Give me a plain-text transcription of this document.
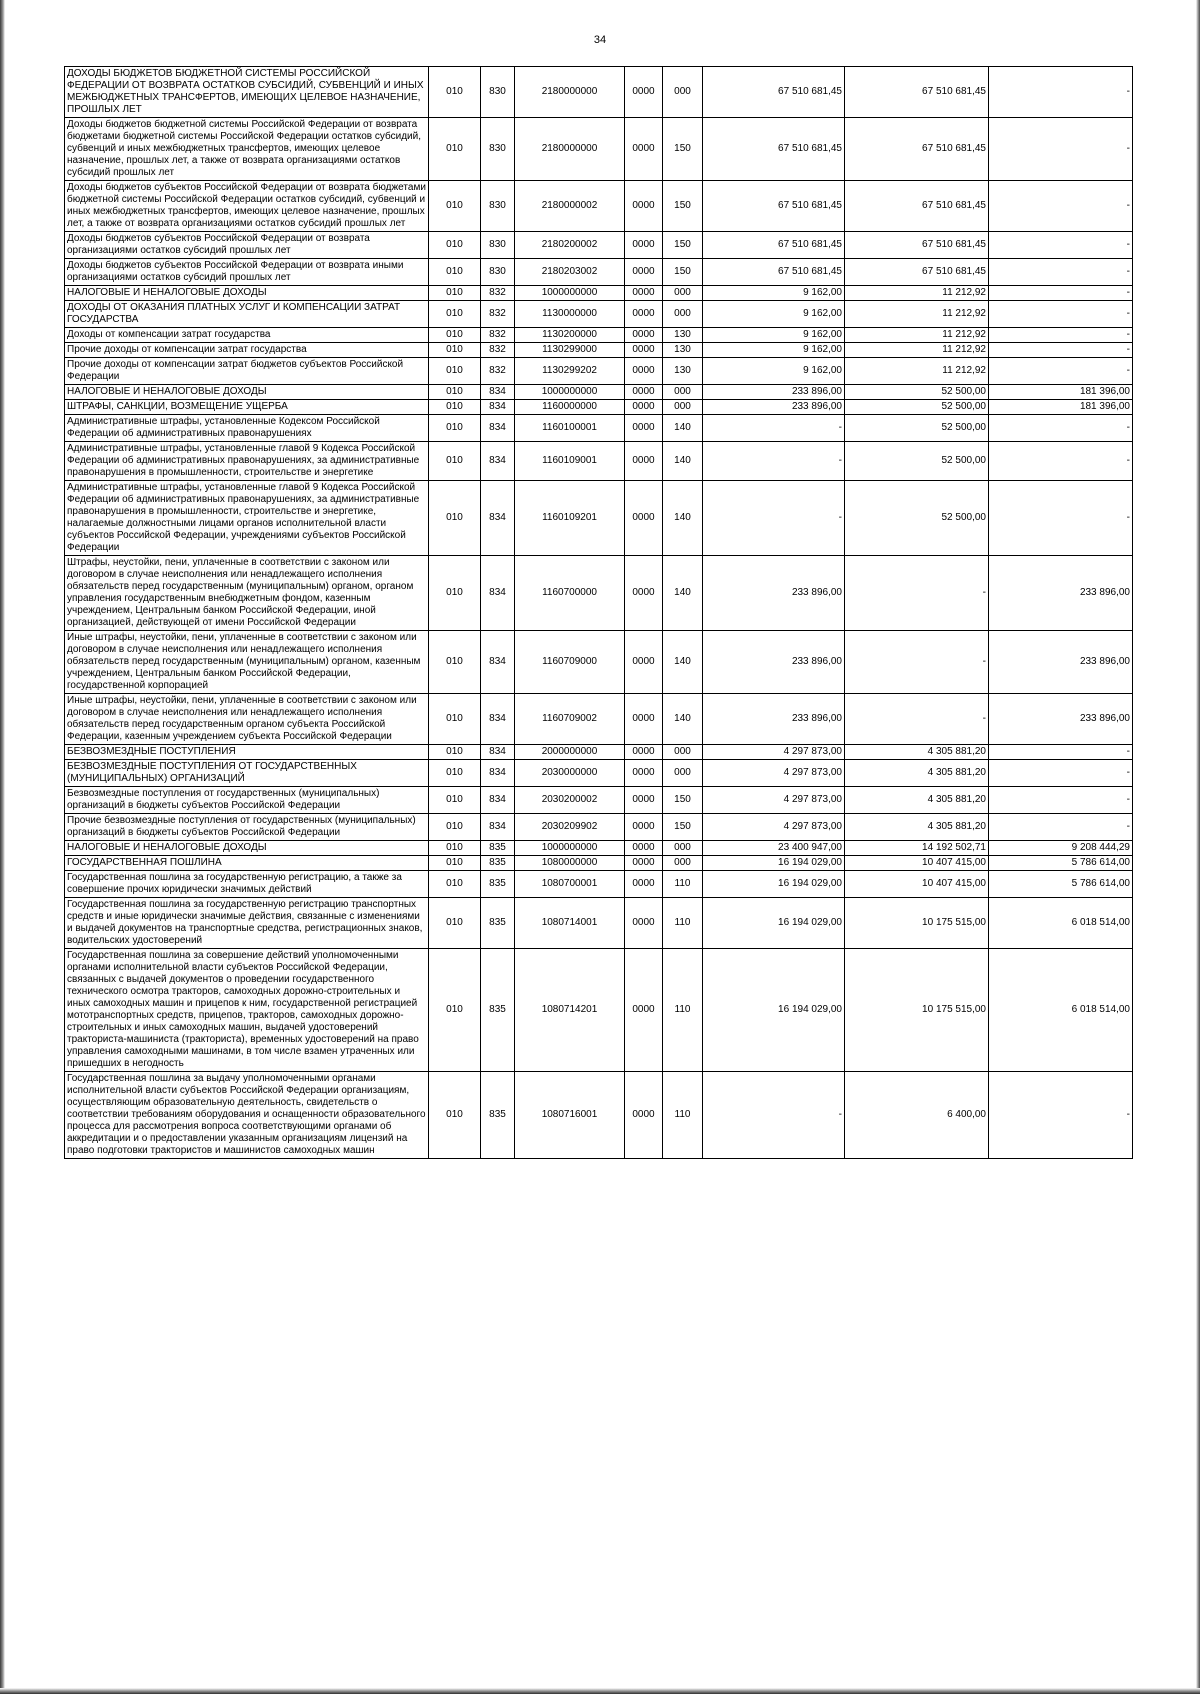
34
ДОХОДЫ БЮДЖЕТОВ БЮДЖЕТНОЙ СИСТЕМЫ РОССИЙСКОЙ ФЕДЕРАЦИИ ОТ ВОЗВРАТА ОСТАТКОВ СУБСИДИЙ, СУБВЕНЦИЙ И ИНЫХ МЕЖБЮДЖЕТНЫХ ТРАНСФЕРТОВ, ИМЕЮЩИХ ЦЕЛЕВОЕ НАЗНАЧЕНИЕ, ПРОШЛЫХ ЛЕТ	010	830	2180000000	0000	000	67 510 681,45	67 510 681,45	-
Доходы бюджетов бюджетной системы Российской Федерации от возврата бюджетами бюджетной системы Российской Федерации остатков субсидий, субвенций и иных межбюджетных трансфертов, имеющих целевое назначение, прошлых лет, а также от возврата организациями остатков субсидий прошлых лет	010	830	2180000000	0000	150	67 510 681,45	67 510 681,45	-
Доходы бюджетов субъектов Российской Федерации от возврата бюджетами бюджетной системы Российской Федерации остатков субсидий, субвенций и иных межбюджетных трансфертов, имеющих целевое назначение, прошлых лет, а также от возврата организациями остатков субсидий прошлых лет	010	830	2180000002	0000	150	67 510 681,45	67 510 681,45	-
Доходы бюджетов субъектов Российской Федерации от возврата организациями остатков субсидий прошлых лет	010	830	2180200002	0000	150	67 510 681,45	67 510 681,45	-
Доходы бюджетов субъектов Российской Федерации от возврата иными организациями остатков субсидий прошлых лет	010	830	2180203002	0000	150	67 510 681,45	67 510 681,45	-
НАЛОГОВЫЕ И НЕНАЛОГОВЫЕ ДОХОДЫ	010	832	1000000000	0000	000	9 162,00	11 212,92	-
ДОХОДЫ ОТ ОКАЗАНИЯ ПЛАТНЫХ УСЛУГ И КОМПЕНСАЦИИ ЗАТРАТ ГОСУДАРСТВА	010	832	1130000000	0000	000	9 162,00	11 212,92	-
Доходы от компенсации затрат государства	010	832	1130200000	0000	130	9 162,00	11 212,92	-
Прочие доходы от компенсации затрат государства	010	832	1130299000	0000	130	9 162,00	11 212,92	-
Прочие доходы от компенсации затрат бюджетов субъектов Российской Федерации	010	832	1130299202	0000	130	9 162,00	11 212,92	-
НАЛОГОВЫЕ И НЕНАЛОГОВЫЕ ДОХОДЫ	010	834	1000000000	0000	000	233 896,00	52 500,00	181 396,00
ШТРАФЫ, САНКЦИИ, ВОЗМЕЩЕНИЕ УЩЕРБА	010	834	1160000000	0000	000	233 896,00	52 500,00	181 396,00
Административные штрафы, установленные Кодексом Российской Федерации об административных правонарушениях	010	834	1160100001	0000	140	-	52 500,00	-
Административные штрафы, установленные главой 9 Кодекса Российской Федерации об административных правонарушениях, за административные правонарушения в промышленности, строительстве и энергетике	010	834	1160109001	0000	140	-	52 500,00	-
Административные штрафы, установленные главой 9 Кодекса Российской Федерации об административных правонарушениях, за административные правонарушения в промышленности, строительстве и энергетике, налагаемые должностными лицами органов исполнительной власти субъектов Российской Федерации, учреждениями субъектов Российской Федерации	010	834	1160109201	0000	140	-	52 500,00	-
Штрафы, неустойки, пени, уплаченные в соответствии с законом или договором в случае неисполнения или ненадлежащего исполнения обязательств перед государственным (муниципальным) органом, органом управления государственным внебюджетным фондом, казенным учреждением, Центральным банком Российской Федерации, иной организацией, действующей от имени Российской Федерации	010	834	1160700000	0000	140	233 896,00	-	233 896,00
Иные штрафы, неустойки, пени, уплаченные в соответствии с законом или договором в случае неисполнения или ненадлежащего исполнения обязательств перед государственным (муниципальным) органом, казенным учреждением, Центральным банком Российской Федерации, государственной корпорацией	010	834	1160709000	0000	140	233 896,00	-	233 896,00
Иные штрафы, неустойки, пени, уплаченные в соответствии с законом или договором в случае неисполнения или ненадлежащего исполнения обязательств перед государственным органом субъекта Российской Федерации, казенным учреждением субъекта Российской Федерации	010	834	1160709002	0000	140	233 896,00	-	233 896,00
БЕЗВОЗМЕЗДНЫЕ ПОСТУПЛЕНИЯ	010	834	2000000000	0000	000	4 297 873,00	4 305 881,20	-
БЕЗВОЗМЕЗДНЫЕ ПОСТУПЛЕНИЯ ОТ ГОСУДАРСТВЕННЫХ (МУНИЦИПАЛЬНЫХ) ОРГАНИЗАЦИЙ	010	834	2030000000	0000	000	4 297 873,00	4 305 881,20	-
Безвозмездные поступления от государственных (муниципальных) организаций в бюджеты субъектов Российской Федерации	010	834	2030200002	0000	150	4 297 873,00	4 305 881,20	-
Прочие безвозмездные поступления от государственных (муниципальных) организаций в бюджеты субъектов Российской Федерации	010	834	2030209902	0000	150	4 297 873,00	4 305 881,20	-
НАЛОГОВЫЕ И НЕНАЛОГОВЫЕ ДОХОДЫ	010	835	1000000000	0000	000	23 400 947,00	14 192 502,71	9 208 444,29
ГОСУДАРСТВЕННАЯ ПОШЛИНА	010	835	1080000000	0000	000	16 194 029,00	10 407 415,00	5 786 614,00
Государственная пошлина за государственную регистрацию, а также за совершение прочих юридически значимых действий	010	835	1080700001	0000	110	16 194 029,00	10 407 415,00	5 786 614,00
Государственная пошлина за государственную регистрацию транспортных средств и иные юридически значимые действия, связанные с изменениями и выдачей документов на транспортные средства, регистрационных знаков, водительских удостоверений	010	835	1080714001	0000	110	16 194 029,00	10 175 515,00	6 018 514,00
Государственная пошлина за совершение действий уполномоченными органами исполнительной власти субъектов Российской Федерации, связанных с выдачей документов о проведении государственного технического осмотра тракторов, самоходных дорожно-строительных и иных самоходных машин и прицепов к ним, государственной регистрацией мототранспортных средств, прицепов, тракторов, самоходных дорожно-строительных и иных самоходных машин, выдачей удостоверений тракториста-машиниста (тракториста), временных удостоверений на право управления самоходными машинами, в том числе взамен утраченных или пришедших в негодность	010	835	1080714201	0000	110	16 194 029,00	10 175 515,00	6 018 514,00
Государственная пошлина за выдачу уполномоченными органами исполнительной власти субъектов Российской Федерации организациям, осуществляющим образовательную деятельность, свидетельств о соответствии требованиям оборудования и оснащенности образовательного процесса для рассмотрения вопроса соответствующими органами об аккредитации и о предоставлении указанным организациям лицензий на право подготовки трактористов и машинистов самоходных машин	010	835	1080716001	0000	110	-	6 400,00	-
